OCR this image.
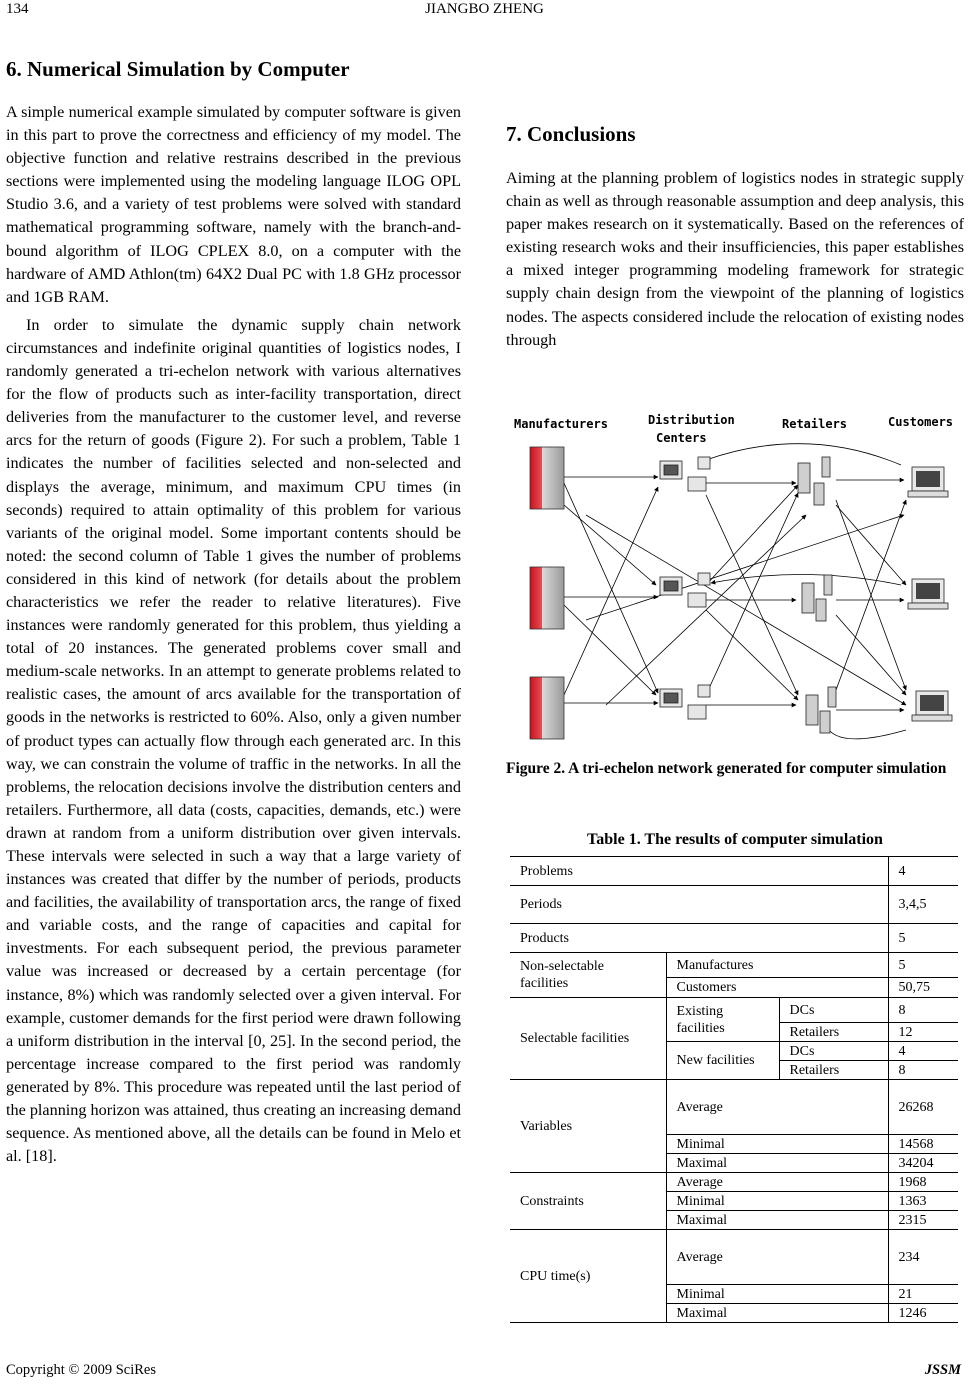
134	JIANGBO ZHENG
6. Numerical Simulation by Computer

A simple numerical example simulated by computer software is given in this part to prove the correctness and efficiency of my model. The objective function and relative restrains described in the previous sections were implemented using the modeling language ILOG OPL Studio 3.6, and a variety of test problems were solved with standard mathematical programming software, namely with the branch-and-bound algorithm of ILOG CPLEX 8.0, on a computer with the hardware of AMD Athlon(tm) 64X2 Dual PC with 1.8 GHz processor and 1GB RAM.

In order to simulate the dynamic supply chain network circumstances and indefinite original quantities of logistics nodes, I randomly generated a tri-echelon network with various alternatives for the flow of products such as inter-facility transportation, direct deliveries from the manufacturer to the customer level, and reverse arcs for the return of goods (Figure 2). For such a problem, Table 1 indicates the number of facilities selected and non-selected and displays the average, minimum, and maximum CPU times (in seconds) required to attain optimality of this problem for various variants of the original model. Some important contents should be noted: the second column of Table 1 gives the number of problems considered in this kind of network (for details about the problem characteristics we refer the reader to relative literatures). Five instances were randomly generated for this problem, thus yielding a total of 20 instances. The generated problems cover small and medium-scale networks. In an attempt to generate problems related to realistic cases, the amount of arcs available for the transportation of goods in the networks is restricted to 60%. Also, only a given number of product types can actually flow through each generated arc. In this way, we can constrain the volume of traffic in the networks. In all the problems, the relocation decisions involve the distribution centers and retailers. Furthermore, all data (costs, capacities, demands, etc.) were drawn at random from a uniform distribution over given intervals. These intervals were selected in such a way that a large variety of instances was created that differ by the number of periods, products and facilities, the availability of transportation arcs, the range of fixed and variable costs, and the range of capacities and capital for investments. For each subsequent period, the previous parameter value was increased or decreased by a certain percentage (for instance, 8%) which was randomly selected over a given interval. For example, customer demands for the first period were drawn following a uniform distribution in the interval [0, 25]. In the second period, the percentage increase compared to the first period was randomly generated by 8%. This procedure was repeated until the last period of the planning horizon was attained, thus creating an increasing demand sequence. As mentioned above, all the details can be found in Melo et al. [18].

7. Conclusions
Aiming at the planning problem of logistics nodes in strategic supply chain as well as through reasonable assumption and deep analysis, this paper makes research on it systematically. Based on the references of existing research woks and their insufficiencies, this paper establishes a mixed integer programming modeling framework for strategic supply chain design from the viewpoint of the planning of logistics nodes. The aspects considered include the relocation of existing nodes through
Manufacturers	Distribution
Centers
Retailers	Customers
Figure 2. A tri-echelon network generated for computer simulation
Table 1. The results of computer simulation
Problems			4
Periods			3,4,5
Products			5
Non-selectable facilities	Manufactures		5
	Customers		50,75
Selectable facilities	Existing facilities	DCs	8
		Retailers	12
	New facilities	DCs	4
		Retailers	8
Variables	Average		26268
	Minimal		14568
	Maximal		34204
Constraints	Average		1968
	Minimal		1363
	Maximal		2315
CPU time(s)	Average		234
	Minimal		21
	Maximal		1246
Copyright © 2009 SciRes	JSSM
